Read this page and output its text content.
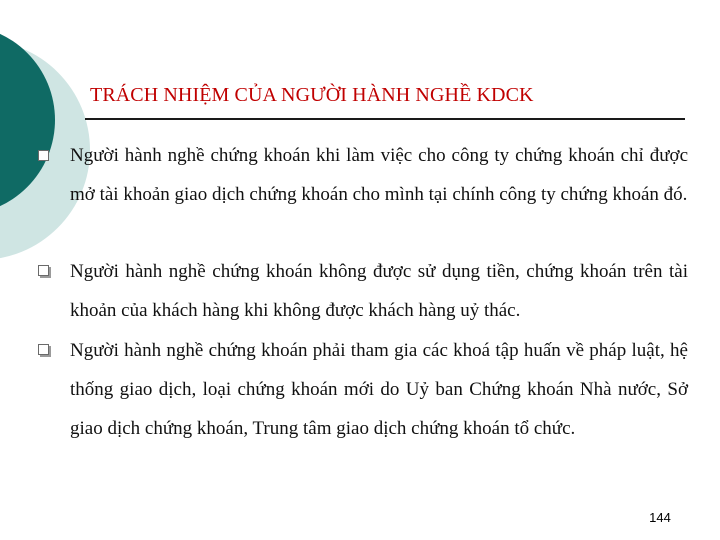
TRÁCH NHIỆM CỦA NGƯỜI HÀNH NGHỀ KDCK
Người hành nghề chứng khoán khi làm việc cho công ty chứng khoán chỉ được mở tài khoản giao dịch chứng khoán cho mình tại chính công ty chứng khoán đó.
Người hành nghề chứng khoán không được sử dụng tiền, chứng khoán trên tài khoản của khách hàng khi không được khách hàng uỷ thác.
Người hành nghề chứng khoán phải tham gia các khoá tập huấn về pháp luật, hệ thống giao dịch, loại chứng khoán mới do Uỷ ban Chứng khoán Nhà nước, Sở giao dịch chứng khoán, Trung tâm giao dịch chứng khoán tổ chức.
144
